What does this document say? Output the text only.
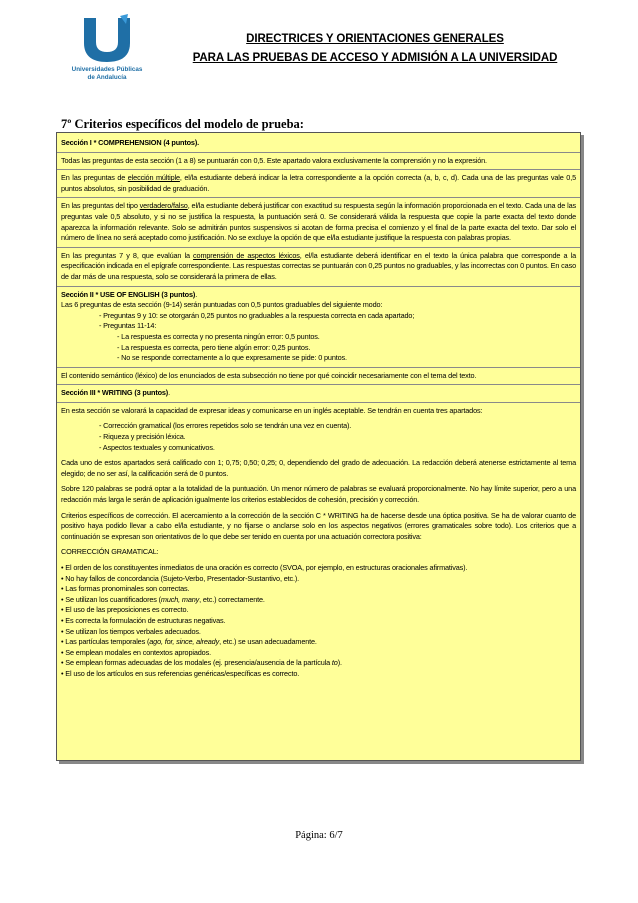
Universidades Públicas
de Andalucía
DIRECTRICES Y ORIENTACIONES GENERALES
PARA LAS PRUEBAS DE ACCESO Y ADMISIÓN A LA UNIVERSIDAD
7º Criterios específicos del modelo de prueba:

Sección I * COMPREHENSION (4 puntos).

Todas las preguntas de esta sección (1 a 8) se puntuarán con 0,5. Este apartado valora exclusivamente la comprensión y no la expresión.

En las preguntas de elección múltiple, el/la estudiante deberá indicar la letra correspondiente a la opción correcta (a, b, c, d). Cada una de las preguntas vale 0,5 puntos absolutos, sin posibilidad de graduación.

En las preguntas del tipo verdadero/falso, el/la estudiante deberá justificar con exactitud su respuesta según la información proporcionada en el texto. Cada una de las preguntas vale 0,5 absoluto, y si no se justifica la respuesta, la puntuación será 0. Se considerará válida la respuesta que copie la parte exacta del texto donde aparezca la información relevante. Solo se admitirán puntos suspensivos si acotan de forma precisa el comienzo y el final de la parte exacta del texto. Dar solo el número de línea no será aceptado como justificación. No se excluye la opción de que el/la estudiante justifique la respuesta con palabras propias.

En las preguntas 7 y 8, que evalúan la comprensión de aspectos léxicos, el/la estudiante deberá identificar en el texto la única palabra que corresponde a la especificación indicada en el epígrafe correspondiente. Las respuestas correctas se puntuarán con 0,25 puntos no graduables, y las incorrectas con 0 puntos. En caso de dar más de una respuesta, solo se considerará la primera de ellas.

Sección II * USE OF ENGLISH (3 puntos).

Las 6 preguntas de esta sección (9-14) serán puntuadas con 0,5 puntos graduables del siguiente modo:

- Preguntas 9 y 10: se otorgarán 0,25 puntos no graduables a la respuesta correcta en cada apartado;

- Preguntas 11-14:

- La respuesta es correcta y no presenta ningún error: 0,5 puntos.

- La respuesta es correcta, pero tiene algún error: 0,25 puntos.

- No se responde correctamente a lo que expresamente se pide: 0 puntos.

El contenido semántico (léxico) de los enunciados de esta subsección no tiene por qué coincidir necesariamente con el tema del texto.

Sección III * WRITING (3 puntos).

En esta sección se valorará la capacidad de expresar ideas y comunicarse en un inglés aceptable. Se tendrán en cuenta tres apartados:

- Corrección gramatical (los errores repetidos solo se tendrán una vez en cuenta).

- Riqueza y precisión léxica.

- Aspectos textuales y comunicativos.

Cada uno de estos apartados será calificado con 1; 0,75; 0,50; 0,25; 0, dependiendo del grado de adecuación. La redacción deberá atenerse estrictamente al tema elegido; de no ser así, la calificación será de 0 puntos.

Sobre 120 palabras se podrá optar a la totalidad de la puntuación. Un menor número de palabras se evaluará proporcionalmente. No hay límite superior, pero a una redacción más larga le serán de aplicación igualmente los criterios establecidos de cohesión, precisión y corrección.

Criterios específicos de corrección. El acercamiento a la corrección de la sección C * WRITING ha de hacerse desde una óptica positiva. Se ha de valorar cuanto de positivo haya podido llevar a cabo el/la estudiante, y no fijarse o anclarse solo en los aspectos negativos (errores gramaticales sobre todo). Los criterios que a continuación se expresan son orientativos de lo que debe ser tenido en cuenta por una actuación correctora positiva:

CORRECCIÓN GRAMATICAL:

• El orden de los constituyentes inmediatos de una oración es correcto (SVOA, por ejemplo, en estructuras oracionales afirmativas).

• No hay fallos de concordancia (Sujeto-Verbo, Presentador-Sustantivo, etc.).

• Las formas pronominales son correctas.

• Se utilizan los cuantificadores (much, many, etc.) correctamente.

• El uso de las preposiciones es correcto.

• Es correcta la formulación de estructuras negativas.

• Se utilizan los tiempos verbales adecuados.

• Las partículas temporales (ago, for, since, already, etc.) se usan adecuadamente.

• Se emplean modales en contextos apropiados.

• Se emplean formas adecuadas de los modales (ej. presencia/ausencia de la partícula to).

• El uso de los artículos en sus referencias genéricas/específicas es correcto.

Página: 6/7
